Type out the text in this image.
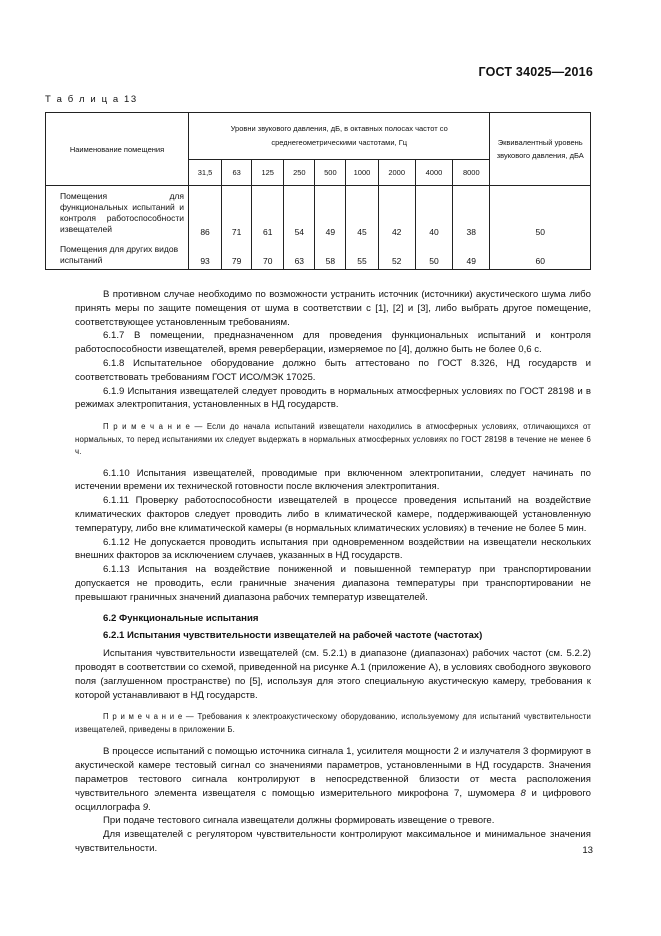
ГОСТ 34025—2016
Т а б л и ц а 13
Наименование помещения	Уровни звукового давления, дБ, в октавных полосах частот со среднегеометрическими частотами, Гц									Эквивалентный уровень звукового давления, дБА
	31,5	63	125	250	500	1000	2000	4000	8000	
Помещения для функциональных испытаний и контроля работоспособности извещателей	86	71	61	54	49	45	42	40	38	50
Помещения для других видов испытаний	93	79	70	63	58	55	52	50	49	60

В противном случае необходимо по возможности устранить источник (источники) акустического шума либо принять меры по защите помещения от шума в соответствии с [1], [2] и [3], либо выбрать другое помещение, соответствующее установленным требованиям.

6.1.7 В помещении, предназначенном для проведения функциональных испытаний и контроля работоспособности извещателей, время реверберации, измеряемое по [4], должно быть не более 0,6 с.

6.1.8 Испытательное оборудование должно быть аттестовано по ГОСТ 8.326, НД государств и соответствовать требованиям ГОСТ ИСО/МЭК 17025.

6.1.9 Испытания извещателей следует проводить в нормальных атмосферных условиях по ГОСТ 28198 и в режимах электропитания, установленных в НД государств.

П р и м е ч а н и е — Если до начала испытаний извещатели находились в атмосферных условиях, отличающихся от нормальных, то перед испытаниями их следует выдержать в нормальных атмосферных условиях по ГОСТ 28198 в течение не менее 6 ч.

6.1.10 Испытания извещателей, проводимые при включенном электропитании, следует начинать по истечении времени их технической готовности после включения электропитания.

6.1.11 Проверку работоспособности извещателей в процессе проведения испытаний на воздействие климатических факторов следует проводить либо в климатической камере, поддерживающей установленную температуру, либо вне климатической камеры (в нормальных климатических условиях) в течение не более 5 мин.

6.1.12 Не допускается проводить испытания при одновременном воздействии на извещатели нескольких внешних факторов за исключением случаев, указанных в НД государств.

6.1.13 Испытания на воздействие пониженной и повышенной температур при транспортировании допускается не проводить, если граничные значения диапазона температуры при транспортировании не превышают граничных значений диапазона рабочих температур извещателей.

6.2 Функциональные испытания

6.2.1 Испытания чувствительности извещателей на рабочей частоте (частотах)

Испытания чувствительности извещателей (см. 5.2.1) в диапазоне (диапазонах) рабочих частот (см. 5.2.2) проводят в соответствии со схемой, приведенной на рисунке А.1 (приложение А), в условиях свободного звукового поля (заглушенном пространстве) по [5], используя для этого специальную акустическую камеру, требования к которой устанавливают в НД государств.

П р и м е ч а н и е — Требования к электроакустическому оборудованию, используемому для испытаний чувствительности извещателей, приведены в приложении Б.

В процессе испытаний с помощью источника сигнала 1, усилителя мощности 2 и излучателя 3 формируют в акустической камере тестовый сигнал со значениями параметров, установленными в НД государств. Значения параметров тестового сигнала контролируют в непосредственной близости от места расположения чувствительного элемента извещателя с помощью измерительного микрофона 7, шумомера 8 и цифрового осциллографа 9.

При подаче тестового сигнала извещатели должны формировать извещение о тревоге.

Для извещателей с регулятором чувствительности контролируют максимальное и минимальное значения чувствительности.	13
